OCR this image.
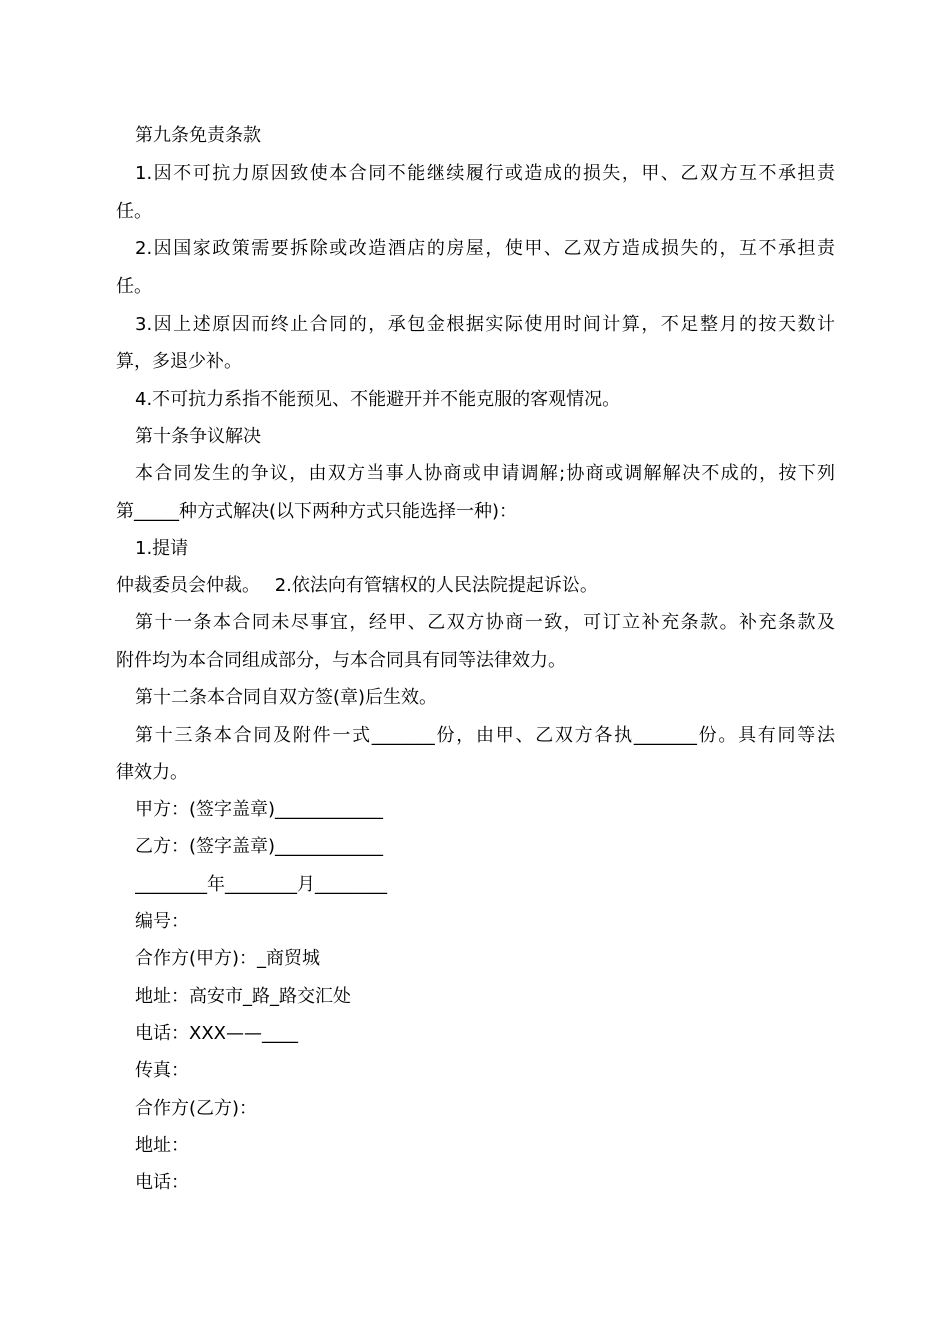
第九条免责条款
1.因不可抗力原因致使本合同不能继续履行或造成的损失，甲、乙双方互不承担责
任。
2.因国家政策需要拆除或改造酒店的房屋，使甲、乙双方造成损失的，互不承担责
任。
3.因上述原因而终止合同的，承包金根据实际使用时间计算，不足整月的按天数计
算，多退少补。
4.不可抗力系指不能预见、不能避开并不能克服的客观情况。
第十条争议解决
本合同发生的争议，由双方当事人协商或申请调解;协商或调解解决不成的，按下列
第_____种方式解决(以下两种方式只能选择一种)：
1.提请
仲裁委员会仲裁。　 2.依法向有管辖权的人民法院提起诉讼。
第十一条本合同未尽事宜，经甲、乙双方协商一致，可订立补充条款。补充条款及
附件均为本合同组成部分，与本合同具有同等法律效力。
第十二条本合同自双方签(章)后生效。
第十三条本合同及附件一式_______份，由甲、乙双方各执_______份。具有同等法
律效力。
甲方：(签字盖章)____________
乙方：(签字盖章)____________
________年________月________
编号：
合作方(甲方)：_商贸城
地址：高安市_路_路交汇处
电话：XXX——____
传真：
合作方(乙方)：
地址：
电话：
